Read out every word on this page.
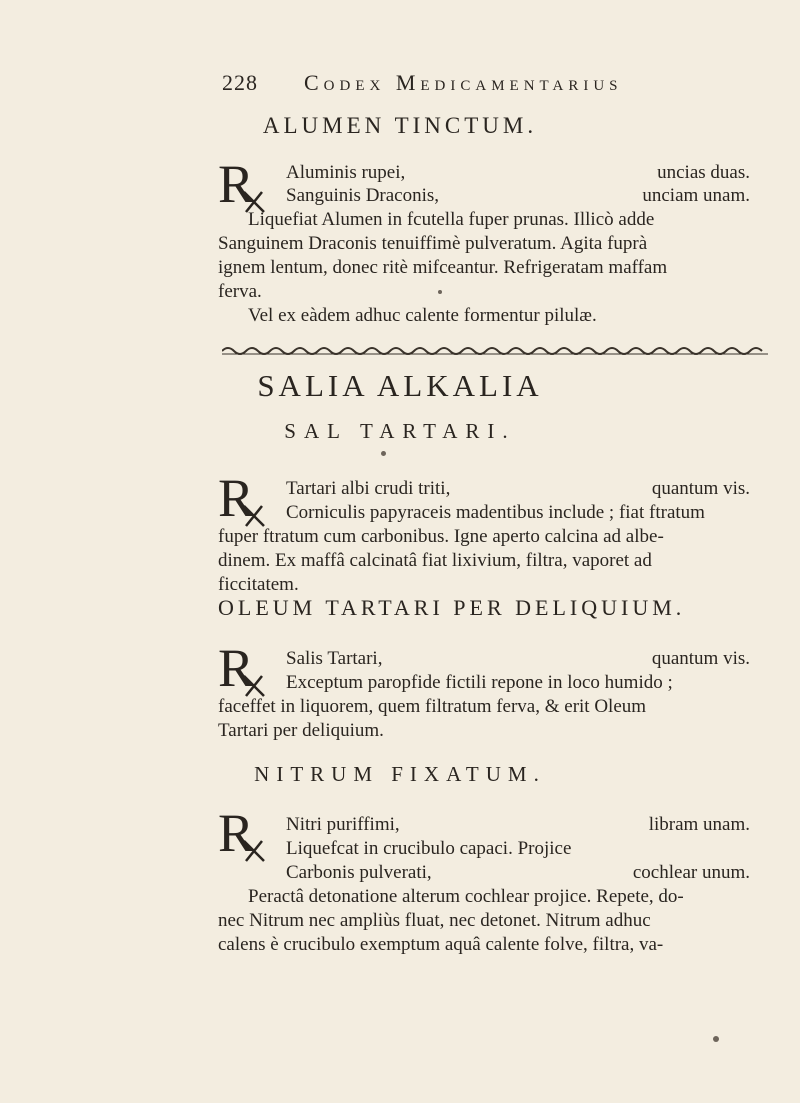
228 Codex Medicamentarius
ALUMEN TINCTUM.
R Aluminis rupei,	uncias duas.
Sanguinis Draconis,	unciam unam.
Liquefiat Alumen in fcutella fuper prunas. Illicò adde
Sanguinem Draconis tenuiffimè pulveratum. Agita fuprà
ignem lentum, donec ritè mifceantur. Refrigeratam maffam
ferva.
Vel ex eàdem adhuc calente formentur pilulæ.
SALIA ALKALIA
SAL TARTARI.
R Tartari albi crudi triti,	quantum vis.
Corniculis papyraceis madentibus include ; fiat ftratum
fuper ftratum cum carbonibus. Igne aperto calcina ad albe-
dinem. Ex maffâ calcinatâ fiat lixivium, filtra, vaporet ad
ficcitatem.
OLEUM TARTARI PER DELIQUIUM.
R Salis Tartari,	quantum vis.
Exceptum paropfide fictili repone in loco humido ;
faceffet in liquorem, quem filtratum ferva, & erit Oleum
Tartari per deliquium.
NITRUM FIXATUM.
R Nitri puriffimi,	libram unam.
Liquefcat in crucibulo capaci. Projice
Carbonis pulverati,	cochlear unum.
Peractâ detonatione alterum cochlear projice. Repete, do-
nec Nitrum nec ampliùs fluat, nec detonet. Nitrum adhuc
calens è crucibulo exemptum aquâ calente folve, filtra, va-
